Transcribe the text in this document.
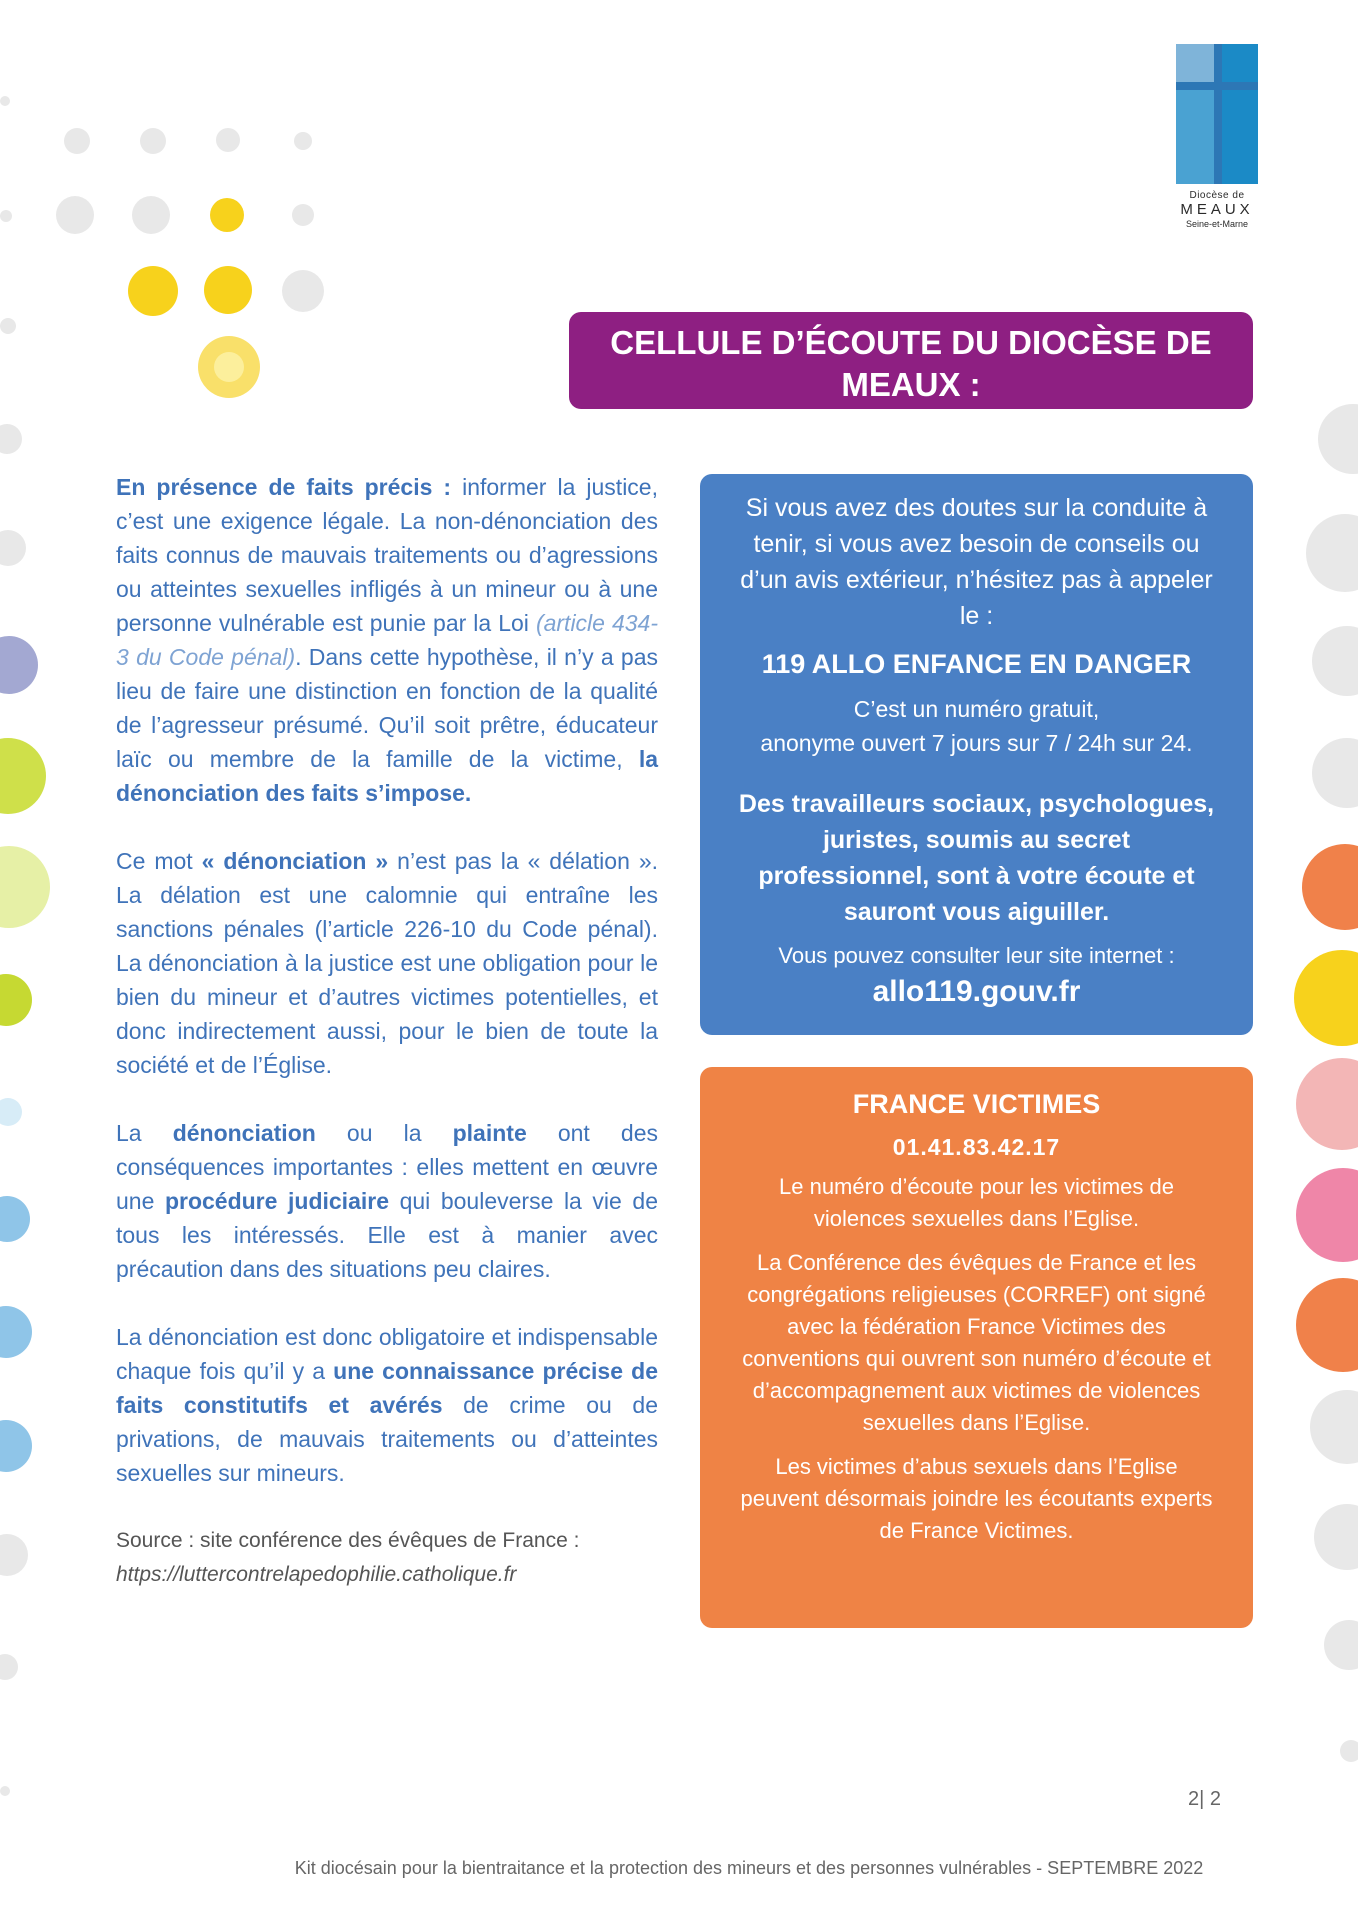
Diocèse de
MEAUX
Seine-et-Marne
CELLULE D’ÉCOUTE DU DIOCÈSE DE MEAUX :
ECOUTE-CONSEIL@CATH077.FR

En présence de faits précis : informer la justice, c’est une exigence légale. La non-dénonciation des faits connus de mauvais traitements ou d’agressions ou atteintes sexuelles infligés à un mineur ou à une personne vulnérable est punie par la Loi (article 434-3 du Code pénal). Dans cette hypothèse, il n’y a pas lieu de faire une distinction en fonction de la qualité de l’agresseur présumé. Qu’il soit prêtre, éducateur laïc ou membre de la famille de la victime, la dénonciation des faits s’impose.

Ce mot « dénonciation » n’est pas la « délation ». La délation est une calomnie qui entraîne les sanctions pénales (l’article 226-10 du Code pénal). La dénonciation à la justice est une obligation pour le bien du mineur et d’autres victimes potentielles, et donc indirectement aussi, pour le bien de toute la société et de l’Église.

La dénonciation ou la plainte ont des conséquences importantes : elles mettent en œuvre une procédure judiciaire qui bouleverse la vie de tous les intéressés. Elle est à manier avec précaution dans des situations peu claires.

La dénonciation est donc obligatoire et indispensable chaque fois qu’il y a une connaissance précise de faits constitutifs et avérés de crime ou de privations, de mauvais traitements ou d’atteintes sexuelles sur mineurs.

Source : site conférence des évêques de France :
https://luttercontrelapedophilie.catholique.fr
Si vous avez des doutes sur la conduite à tenir, si vous avez besoin de conseils ou d’un avis extérieur, n’hésitez pas à appeler le :
119 ALLO ENFANCE EN DANGER
C’est un numéro gratuit,
anonyme ouvert 7 jours sur 7 / 24h sur 24.
Des travailleurs sociaux, psychologues, juristes, soumis au secret professionnel, sont à votre écoute et sauront vous aiguiller.
Vous pouvez consulter leur site internet :
allo119.gouv.fr
FRANCE VICTIMES
01.41.83.42.17
Le numéro d’écoute pour les victimes de violences sexuelles dans l’Eglise.
La Conférence des évêques de France et les congrégations religieuses (CORREF) ont signé avec la fédération France Victimes des conventions qui ouvrent son numéro d’écoute et d’accompagnement aux victimes de violences sexuelles dans l’Eglise.
Les victimes d’abus sexuels dans l’Eglise peuvent désormais joindre les écoutants experts de France Victimes.
2| 2
Kit diocésain pour la bientraitance et la protection des mineurs et des personnes vulnérables - SEPTEMBRE 2022
